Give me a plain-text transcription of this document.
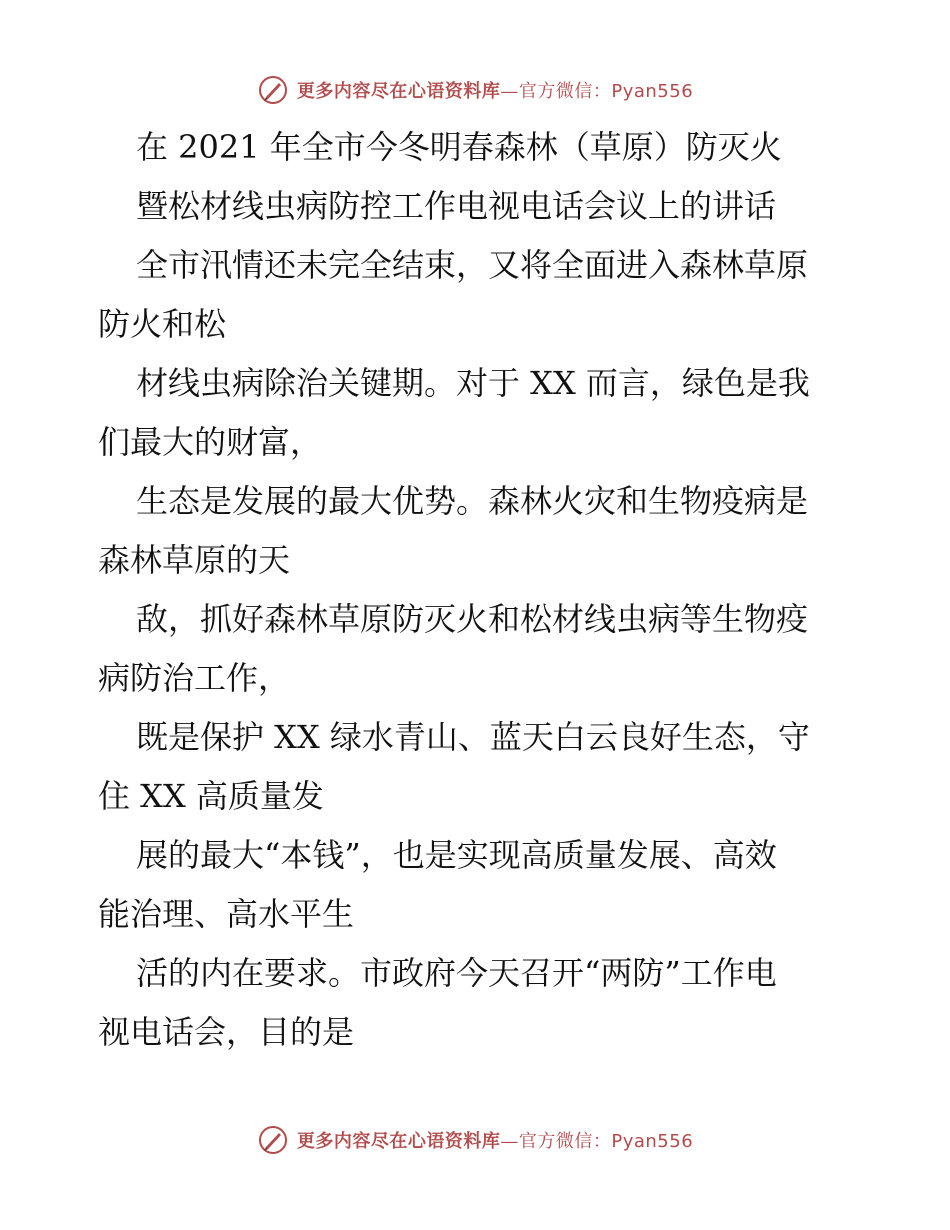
更多内容尽在心语资料库—官方微信：Pyan556
在 2021 年全市今冬明春森林（草原）防灭火
暨松材线虫病防控工作电视电话会议上的讲话
全市汛情还未完全结束，又将全面进入森林草原
防火和松
材线虫病除治关键期。对于 XX 而言，绿色是我
们最大的财富，
生态是发展的最大优势。森林火灾和生物疫病是
森林草原的天
敌，抓好森林草原防灭火和松材线虫病等生物疫
病防治工作，
既是保护 XX 绿水青山、蓝天白云良好生态，守
住 XX 高质量发
展的最大“本钱”，也是实现高质量发展、高效
能治理、高水平生
活的内在要求。市政府今天召开“两防”工作电
视电话会，目的是
更多内容尽在心语资料库—官方微信：Pyan556
